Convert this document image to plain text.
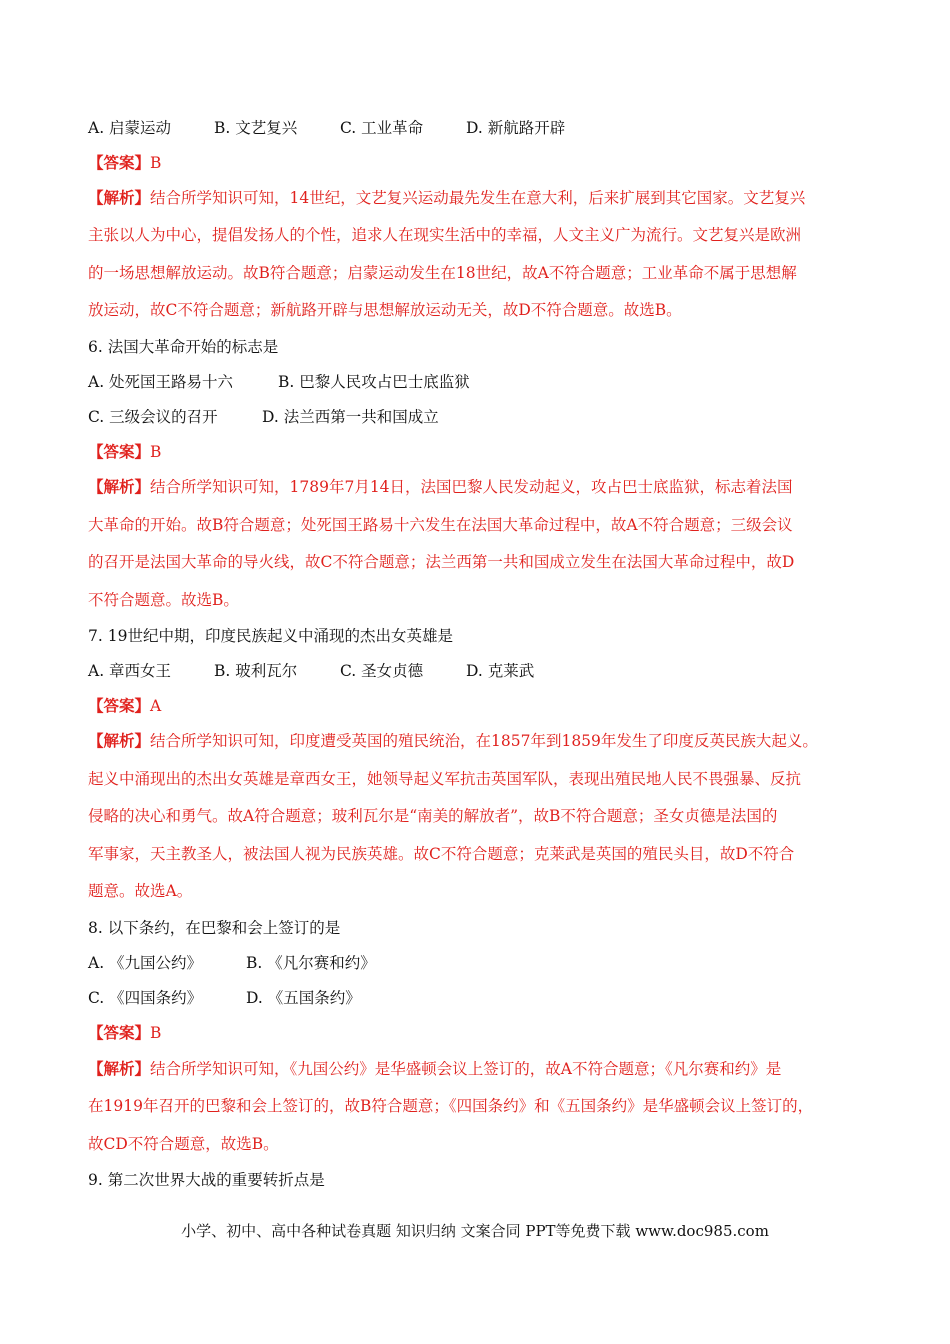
A. 启蒙运动	B. 文艺复兴	C. 工业革命	D. 新航路开辟
【答案】B
【解析】结合所学知识可知，14世纪，文艺复兴运动最先发生在意大利，后来扩展到其它国家。文艺复兴
主张以人为中心，提倡发扬人的个性，追求人在现实生活中的幸福，人文主义广为流行。文艺复兴是欧洲
的一场思想解放运动。故B符合题意；启蒙运动发生在18世纪，故A不符合题意；工业革命不属于思想解
放运动，故C不符合题意；新航路开辟与思想解放运动无关，故D不符合题意。故选B。
6. 法国大革命开始的标志是
A. 处死国王路易十六	B. 巴黎人民攻占巴士底监狱
C. 三级会议的召开	D. 法兰西第一共和国成立
【答案】B
【解析】结合所学知识可知，1789年7月14日，法国巴黎人民发动起义，攻占巴士底监狱，标志着法国
大革命的开始。故B符合题意；处死国王路易十六发生在法国大革命过程中，故A不符合题意；三级会议
的召开是法国大革命的导火线，故C不符合题意；法兰西第一共和国成立发生在法国大革命过程中，故D
不符合题意。故选B。
7. 19世纪中期，印度民族起义中涌现的杰出女英雄是
A. 章西女王	B. 玻利瓦尔	C. 圣女贞德	D. 克莱武
【答案】A
【解析】结合所学知识可知，印度遭受英国的殖民统治，在1857年到1859年发生了印度反英民族大起义。
起义中涌现出的杰出女英雄是章西女王，她领导起义军抗击英国军队，表现出殖民地人民不畏强暴、反抗
侵略的决心和勇气。故A符合题意；玻利瓦尔是“南美的解放者”，故B不符合题意；圣女贞德是法国的
军事家，天主教圣人，被法国人视为民族英雄。故C不符合题意；克莱武是英国的殖民头目，故D不符合
题意。故选A。
8. 以下条约，在巴黎和会上签订的是
A. 《九国公约》	B. 《凡尔赛和约》
C. 《四国条约》	D. 《五国条约》
【答案】B
【解析】结合所学知识可知，《九国公约》是华盛顿会议上签订的，故A不符合题意；《凡尔赛和约》是
在1919年召开的巴黎和会上签订的，故B符合题意；《四国条约》和《五国条约》是华盛顿会议上签订的，
故CD不符合题意，故选B。
9. 第二次世界大战的重要转折点是
小学、初中、高中各种试卷真题 知识归纳 文案合同 PPT等免费下载 www.doc985.com
